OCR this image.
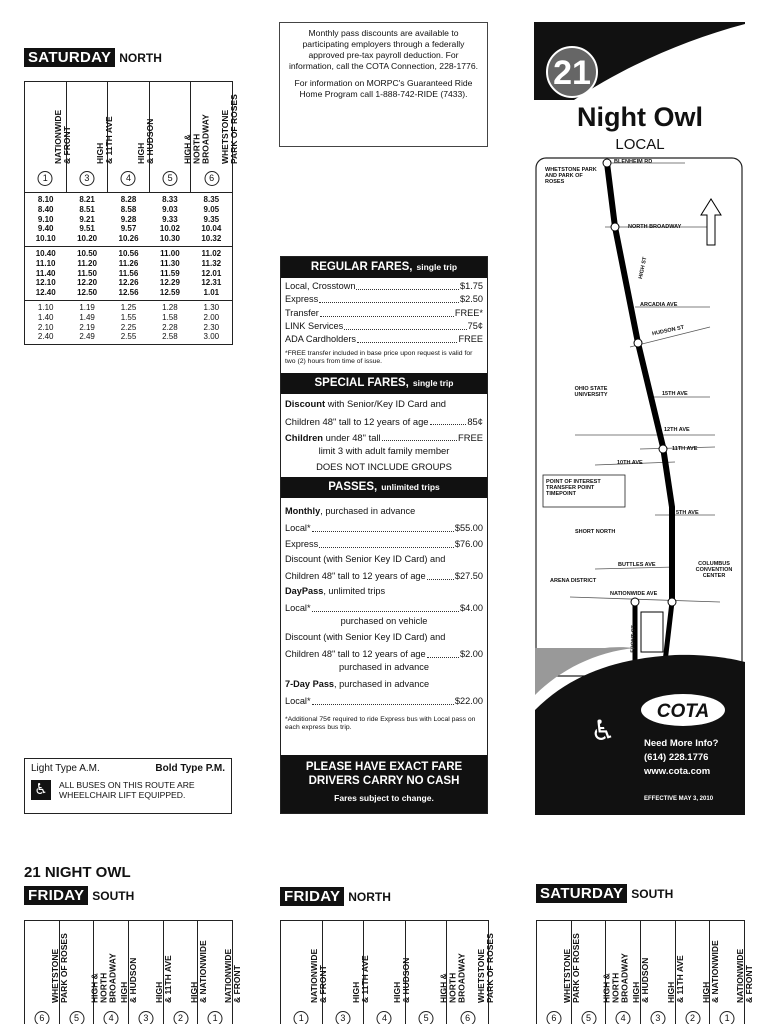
SATURDAY NORTH
NATIONWIDE
& FRONT
1
HIGH
& 11TH AVE
3
HIGH
& HUDSON
4
HIGH &
NORTH
BROADWAY
5
WHETSTONE
PARK OF ROSES
6
8.10	8.21	8.28	8.33	8.35
8.40	8.51	8.58	9.03	9.05
9.10	9.21	9.28	9.33	9.35
9.40	9.51	9.57	10.02	10.04
10.10	10.20	10.26	10.30	10.32
10.40	10.50	10.56	11.00	11.02
11.10	11.20	11.26	11.30	11.32
11.40	11.50	11.56	11.59	12.01
12.10	12.20	12.26	12.29	12.31
12.40	12.50	12.56	12.59	1.01
1.10	1.19	1.25	1.28	1.30
1.40	1.49	1.55	1.58	2.00
2.10	2.19	2.25	2.28	2.30
2.40	2.49	2.55	2.58	3.00

Monthly pass discounts are available to participating employers through a federally approved pre-tax payroll deduction. For information, call the COTA Connection, 228-1776.

For information on MORPC's Guaranteed Ride Home Program call 1-888-742-RIDE (7433).

REGULAR FARES, single trip
Local, Crosstown	$1.75
Express	$2.50
Transfer	FREE*
LINK Services	75¢
ADA Cardholders	FREE
*FREE transfer included in base price upon request is valid for two (2) hours from time of issue.
SPECIAL FARES, single trip
Discount with Senior/Key ID Card and
Children 48" tall to 12 years of age	85¢
Children under 48" tall	FREE
limit 3 with adult family member
DOES NOT INCLUDE GROUPS
PASSES, unlimited trips
Monthly, purchased in advance
Local*	$55.00
Express	$76.00
Discount (with Senior Key ID Card) and
Children 48" tall to 12 years of age	$27.50
DayPass, unlimited trips
Local*	$4.00
purchased on vehicle
Discount (with Senior Key ID Card) and
Children 48" tall to 12 years of age	$2.00
purchased in advance
7-Day Pass, purchased in advance
Local*	$22.00
*Additional 75¢ required to ride Express bus with Local pass on each express bus trip.
PLEASE HAVE EXACT FARE DRIVERS CARRY NO CASH
Fares subject to change.
Light Type A.M.	Bold Type P.M.
♿	ALL BUSES ON THIS ROUTE ARE WHEELCHAIR LIFT EQUIPPED.
21
Night Owl
LOCAL
WHETSTONE PARK AND PARK OF ROSES
BLENHEIM RD
NORTH BROADWAY
HIGH ST
ARCADIA AVE
HUDSON ST
OHIO STATE UNIVERSITY	15TH AVE
12TH AVE
11TH AVE
10TH AVE
5TH AVE
SHORT NORTH
BUTTLES AVE	COLUMBUS CONVENTION CENTER
ARENA DISTRICT
NATIONWIDE AVE
FRONT ST
POINT OF INTEREST
TRANSFER POINT
TIMEPOINT
COTA
♿	Need More Info?
(614) 228.1776
www.cota.com
EFFECTIVE MAY 3, 2010
21 NIGHT OWL
FRIDAY SOUTH
WHETSTONE
PARK OF ROSES
6
HIGH &
NORTH
BROADWAY
5
HIGH
& HUDSON
4
HIGH
& 11TH AVE
3
HIGH
& NATIONWIDE
2
NATIONWIDE
& FRONT
1
FRIDAY NORTH
NATIONWIDE
& FRONT
1
HIGH
& 11TH AVE
3
HIGH
& HUDSON
4
HIGH &
NORTH
BROADWAY
5
WHETSTONE
PARK OF ROSES
6
SATURDAY SOUTH
WHETSTONE
PARK OF ROSES
6
HIGH &
NORTH
BROADWAY
5
HIGH
& HUDSON
4
HIGH
& 11TH AVE
3
HIGH
& NATIONWIDE
2
NATIONWIDE
& FRONT
1
